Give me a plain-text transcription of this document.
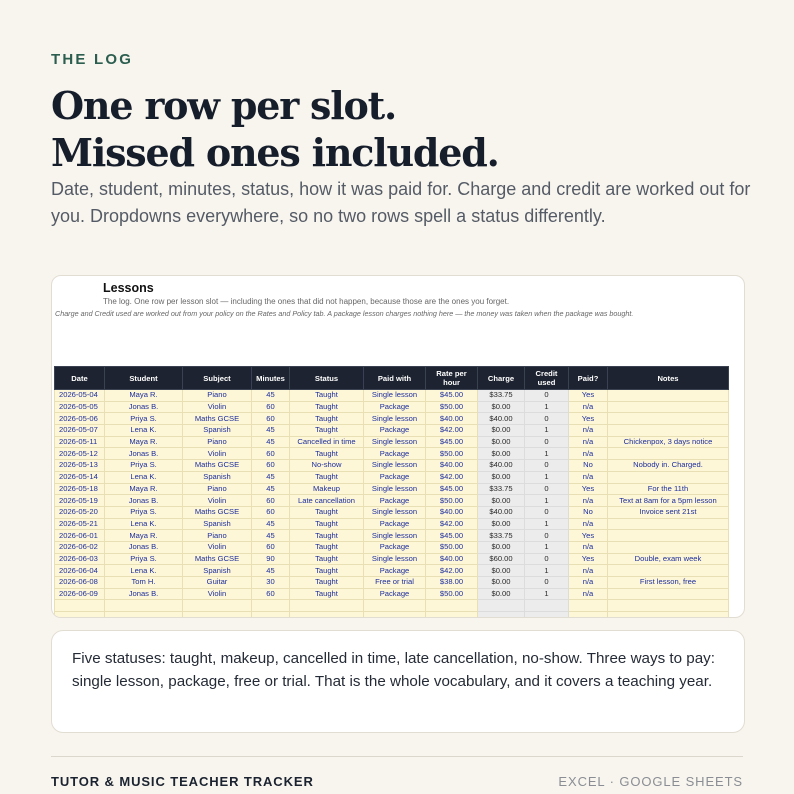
THE LOG
One row per slot.
Missed ones included.
Date, student, minutes, status, how it was paid for. Charge and credit are worked out for you. Dropdowns everywhere, so no two rows spell a status differently.
Lessons
The log. One row per lesson slot — including the ones that did not happen, because those are the ones you forget.
Charge and Credit used are worked out from your policy on the Rates and Policy tab. A package lesson charges nothing here — the money was taken when the package was bought.
Date	Student	Subject	Minutes	Status	Paid with	Rate per hour	Charge	Credit used	Paid?	Notes
2026-05-04	Maya R.	Piano	45	Taught	Single lesson	$45.00	$33.75	0	Yes	
2026-05-05	Jonas B.	Violin	60	Taught	Package	$50.00	$0.00	1	n/a	
2026-05-06	Priya S.	Maths GCSE	60	Taught	Single lesson	$40.00	$40.00	0	Yes	
2026-05-07	Lena K.	Spanish	45	Taught	Package	$42.00	$0.00	1	n/a	
2026-05-11	Maya R.	Piano	45	Cancelled in time	Single lesson	$45.00	$0.00	0	n/a	Chickenpox, 3 days notice
2026-05-12	Jonas B.	Violin	60	Taught	Package	$50.00	$0.00	1	n/a	
2026-05-13	Priya S.	Maths GCSE	60	No-show	Single lesson	$40.00	$40.00	0	No	Nobody in. Charged.
2026-05-14	Lena K.	Spanish	45	Taught	Package	$42.00	$0.00	1	n/a	
2026-05-18	Maya R.	Piano	45	Makeup	Single lesson	$45.00	$33.75	0	Yes	For the 11th
2026-05-19	Jonas B.	Violin	60	Late cancellation	Package	$50.00	$0.00	1	n/a	Text at 8am for a 5pm lesson
2026-05-20	Priya S.	Maths GCSE	60	Taught	Single lesson	$40.00	$40.00	0	No	Invoice sent 21st
2026-05-21	Lena K.	Spanish	45	Taught	Package	$42.00	$0.00	1	n/a	
2026-06-01	Maya R.	Piano	45	Taught	Single lesson	$45.00	$33.75	0	Yes	
2026-06-02	Jonas B.	Violin	60	Taught	Package	$50.00	$0.00	1	n/a	
2026-06-03	Priya S.	Maths GCSE	90	Taught	Single lesson	$40.00	$60.00	0	Yes	Double, exam week
2026-06-04	Lena K.	Spanish	45	Taught	Package	$42.00	$0.00	1	n/a	
2026-06-08	Tom H.	Guitar	30	Taught	Free or trial	$38.00	$0.00	0	n/a	First lesson, free
2026-06-09	Jonas B.	Violin	60	Taught	Package	$50.00	$0.00	1	n/a	

Five statuses: taught, makeup, cancelled in time, late cancellation, no-show. Three ways to pay: single lesson, package, free or trial. That is the whole vocabulary, and it covers a teaching year.
TUTOR & MUSIC TEACHER TRACKER	EXCEL · GOOGLE SHEETS
